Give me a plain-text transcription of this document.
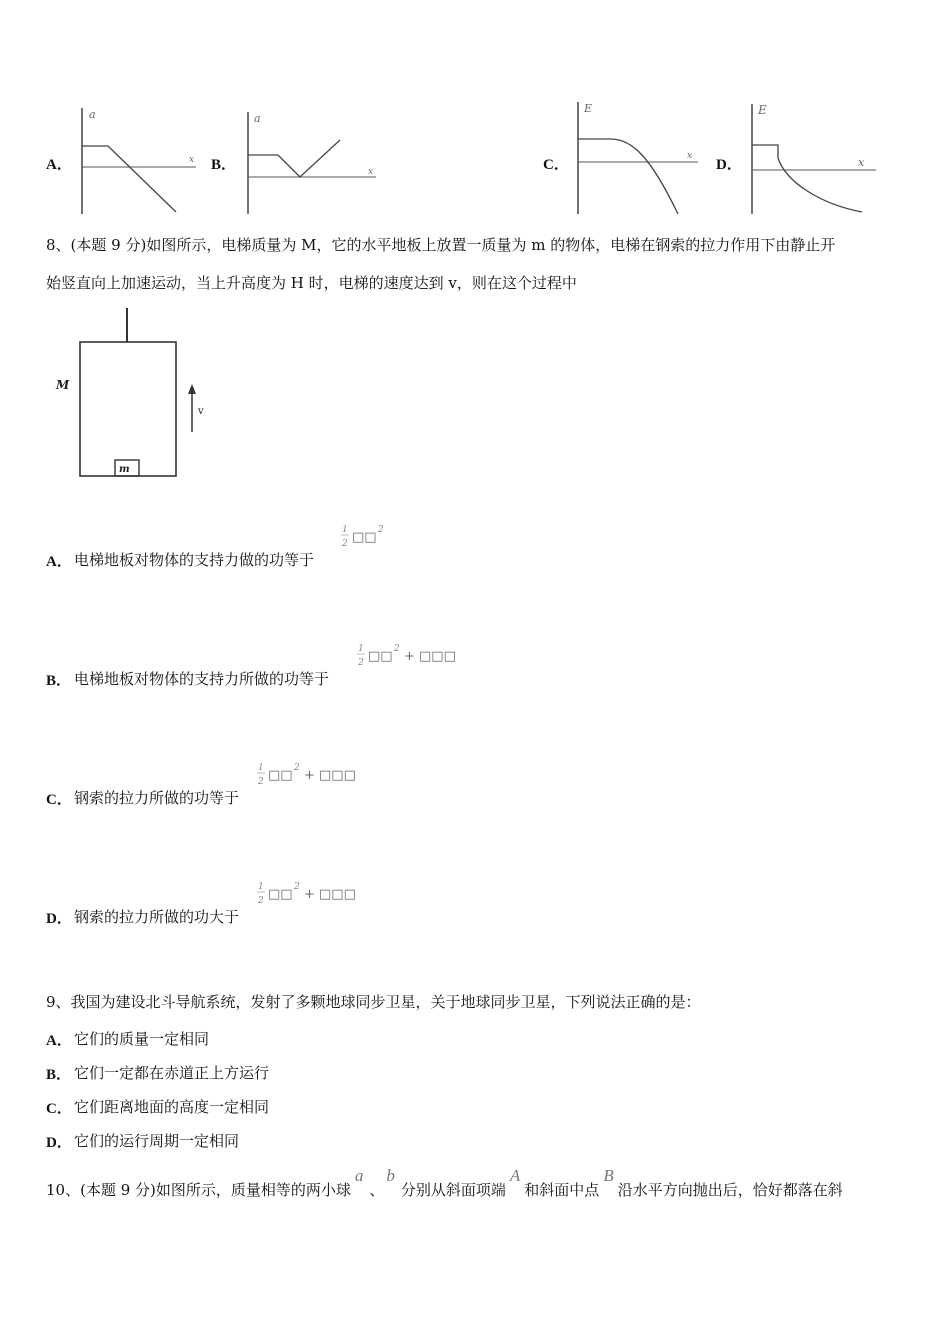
A．
a
x B．
a
x	C．
E
x
D．
E
x
8、(本题 9 分)如图所示，电梯质量为 M，它的水平地板上放置一质量为 m 的物体，电梯在钢索的拉力作用下由静止开
始竖直向上加速运动，当上升高度为 H 时，电梯的速度达到 v，则在这个过程中
m
M
v
A． 电梯地板对物体的支持力做的功等于
1
2 □□ 2
B． 电梯地板对物体的支持力所做的功等于
1
2 □□ 2 + □□□
C． 钢索的拉力所做的功等于
1
2 □□ 2 + □□□
D． 钢索的拉力所做的功大于
1
2 □□ 2 + □□□
9、我国为建设北斗导航系统，发射了多颗地球同步卫星，关于地球同步卫星，下列说法正确的是：
A． 它们的质量一定相同
B． 它们一定都在赤道正上方运行
C． 它们距离地面的高度一定相同
D． 它们的运行周期一定相同
10、(本题 9 分)如图所示，质量相等的两小球
a
、
b
分别从斜面项端
A
和斜面中点
B
沿水平方向抛出后，恰好都落在斜
